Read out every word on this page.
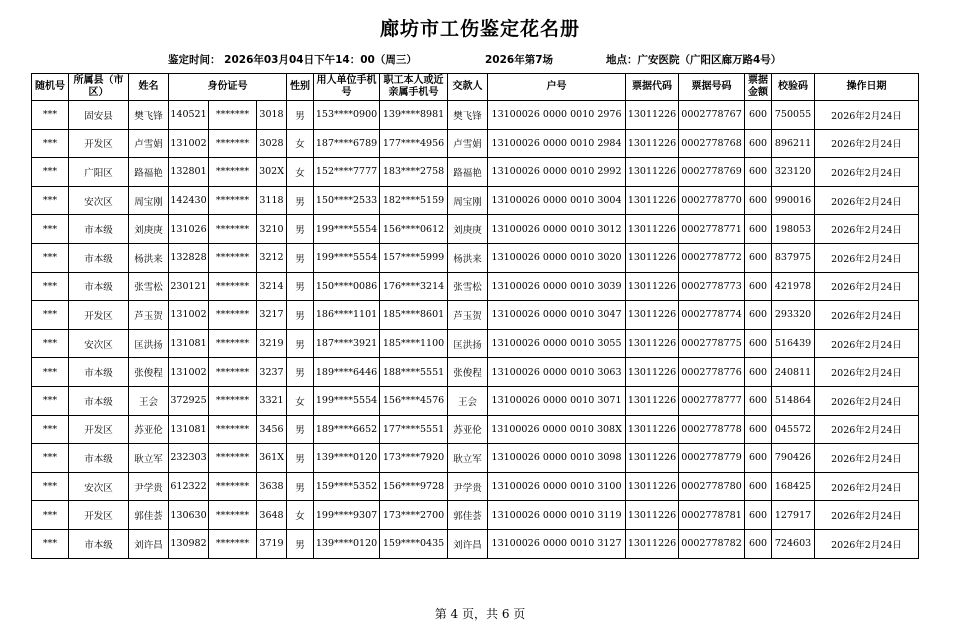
廊坊市工伤鉴定花名册
鉴定时间： 2026年03月04日下午14：00（周三）	2026年第7场	地点：广安医院（广阳区廊万路4号）
随机号	所属县（市区）	姓名	身份证号			性别	用人单位手机号	职工本人或近亲属手机号	交款人	户号	票据代码	票据号码	票据金额	校验码	操作日期
***	固安县	樊飞锋	140521	*******	3018	男	153****0900	139****8981	樊飞锋	13100026 0000 0010 2976	13011226	0002778767	600	750055	2026年2月24日
***	开发区	卢雪娟	131002	*******	3028	女	187****6789	177****4956	卢雪娟	13100026 0000 0010 2984	13011226	0002778768	600	896211	2026年2月24日
***	广阳区	路福艳	132801	*******	302X	女	152****7777	183****2758	路福艳	13100026 0000 0010 2992	13011226	0002778769	600	323120	2026年2月24日
***	安次区	周宝刚	142430	*******	3118	男	150****2533	182****5159	周宝刚	13100026 0000 0010 3004	13011226	0002778770	600	990016	2026年2月24日
***	市本级	刘庚庚	131026	*******	3210	男	199****5554	156****0612	刘庚庚	13100026 0000 0010 3012	13011226	0002778771	600	198053	2026年2月24日
***	市本级	杨洪来	132828	*******	3212	男	199****5554	157****5999	杨洪来	13100026 0000 0010 3020	13011226	0002778772	600	837975	2026年2月24日
***	市本级	张雪松	230121	*******	3214	男	150****0086	176****3214	张雪松	13100026 0000 0010 3039	13011226	0002778773	600	421978	2026年2月24日
***	开发区	芦玉贺	131002	*******	3217	男	186****1101	185****8601	芦玉贺	13100026 0000 0010 3047	13011226	0002778774	600	293320	2026年2月24日
***	安次区	匡洪扬	131081	*******	3219	男	187****3921	185****1100	匡洪扬	13100026 0000 0010 3055	13011226	0002778775	600	516439	2026年2月24日
***	市本级	张俊程	131002	*******	3237	男	189****6446	188****5551	张俊程	13100026 0000 0010 3063	13011226	0002778776	600	240811	2026年2月24日
***	市本级	王会	372925	*******	3321	女	199****5554	156****4576	王会	13100026 0000 0010 3071	13011226	0002778777	600	514864	2026年2月24日
***	开发区	苏亚伦	131081	*******	3456	男	189****6652	177****5551	苏亚伦	13100026 0000 0010 308X	13011226	0002778778	600	045572	2026年2月24日
***	市本级	耿立军	232303	*******	361X	男	139****0120	173****7920	耿立军	13100026 0000 0010 3098	13011226	0002778779	600	790426	2026年2月24日
***	安次区	尹学贵	612322	*******	3638	男	159****5352	156****9728	尹学贵	13100026 0000 0010 3100	13011226	0002778780	600	168425	2026年2月24日
***	开发区	郭佳荟	130630	*******	3648	女	199****9307	173****2700	郭佳荟	13100026 0000 0010 3119	13011226	0002778781	600	127917	2026年2月24日
***	市本级	刘许昌	130982	*******	3719	男	139****0120	159****0435	刘许昌	13100026 0000 0010 3127	13011226	0002778782	600	724603	2026年2月24日
第 4 页，共 6 页
